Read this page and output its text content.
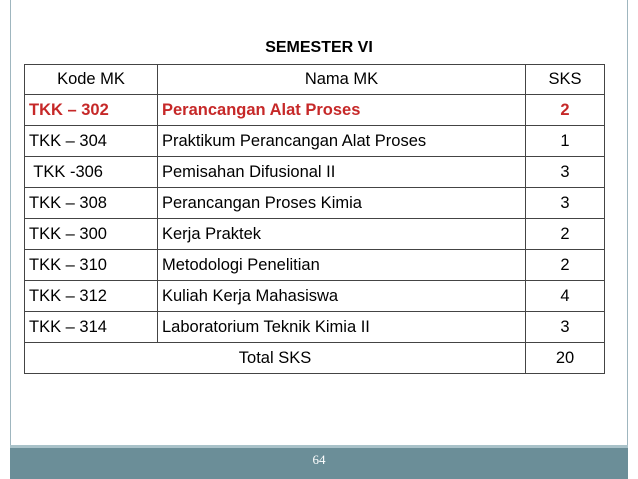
SEMESTER VI
Kode MK	Nama MK	SKS
TKK – 302	Perancangan Alat Proses	2
TKK – 304	Praktikum Perancangan Alat Proses	1
TKK -306	Pemisahan Difusional II	3
TKK – 308	Perancangan Proses Kimia	3
TKK – 300	Kerja Praktek	2
TKK – 310	Metodologi Penelitian	2
TKK – 312	Kuliah Kerja Mahasiswa	4
TKK – 314	Laboratorium Teknik Kimia II	3
Total SKS		20
64
